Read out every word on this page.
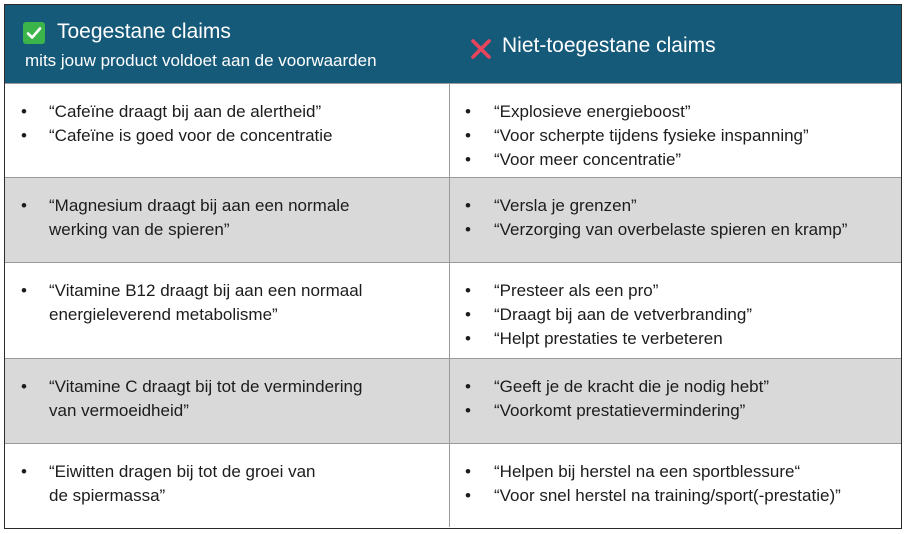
Toegestane claims
mits jouw product voldoet aan de voorwaarden
Niet-toegestane claims
• “Cafeïne draagt bij aan de alertheid”
• “Cafeïne is goed voor de concentratie
• “Explosieve energieboost”
• “Voor scherpte tijdens fysieke inspanning”
• “Voor meer concentratie”
• “Magnesium draagt bij aan een normale
werking van de spieren”
• “Versla je grenzen”
• “Verzorging van overbelaste spieren en kramp”
• “Vitamine B12 draagt bij aan een normaal
energieleverend metabolisme”
• “Presteer als een pro”
• “Draagt bij aan de vetverbranding”
• “Helpt prestaties te verbeteren
• “Vitamine C draagt bij tot de vermindering
van vermoeidheid”
• “Geeft je de kracht die je nodig hebt”
• “Voorkomt prestatievermindering”
• “Eiwitten dragen bij tot de groei van
de spiermassa”
• “Helpen bij herstel na een sportblessure“
• “Voor snel herstel na training/sport(-prestatie)”
